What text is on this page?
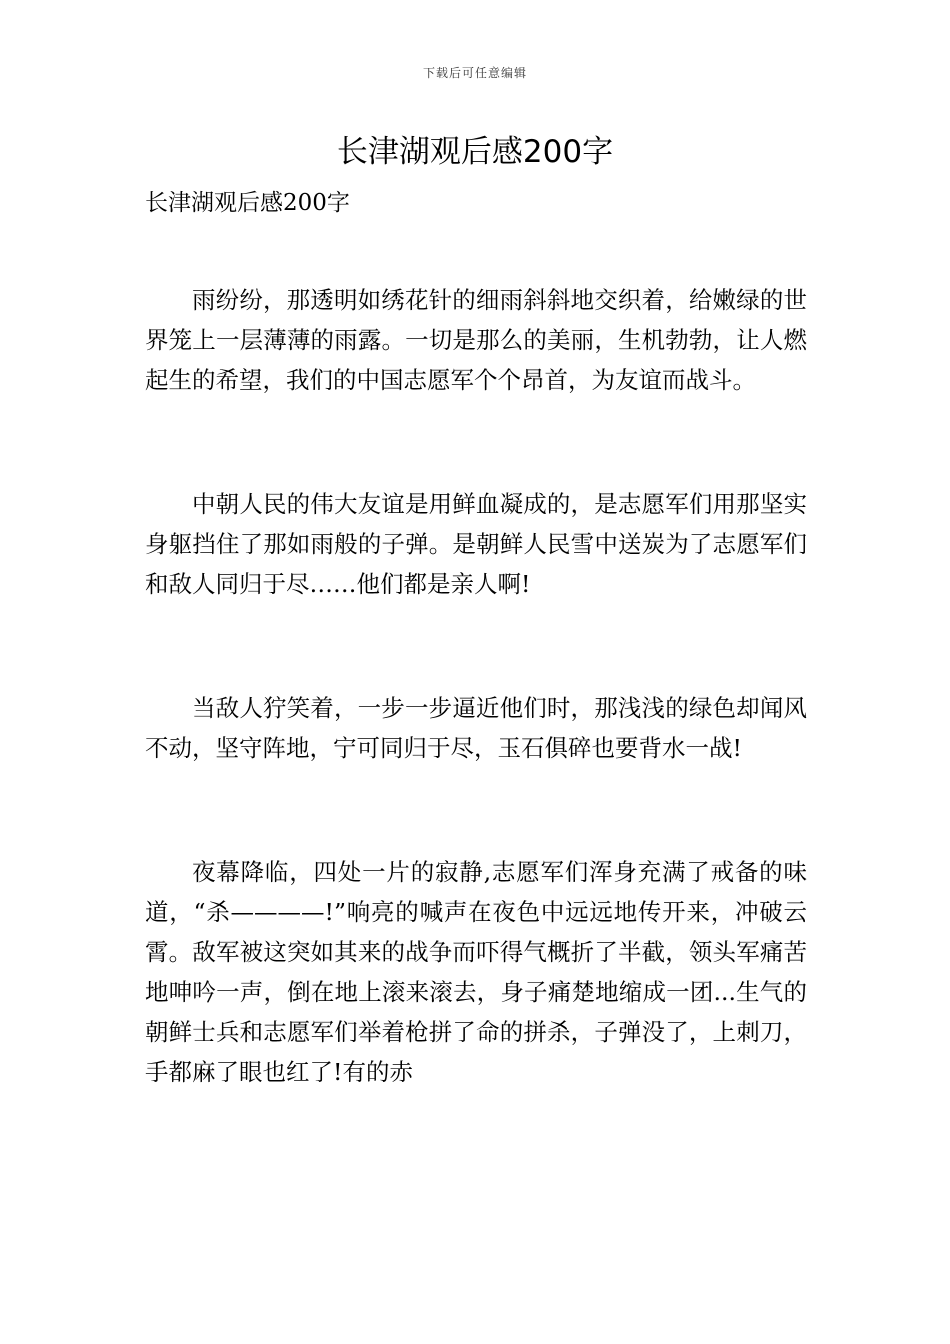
下载后可任意编辑
长津湖观后感200字

长津湖观后感200字

雨纷纷，那透明如绣花针的细雨斜斜地交织着，给嫩绿的世界笼上一层薄薄的雨露。一切是那么的美丽，生机勃勃，让人燃起生的希望，我们的中国志愿军个个昂首，为友谊而战斗。

中朝人民的伟大友谊是用鲜血凝成的，是志愿军们用那坚实身躯挡住了那如雨般的子弹。是朝鲜人民雪中送炭为了志愿军们和敌人同归于尽……他们都是亲人啊!

当敌人狞笑着，一步一步逼近他们时，那浅浅的绿色却闻风不动，坚守阵地，宁可同归于尽，玉石俱碎也要背水一战!

夜幕降临，四处一片的寂静,志愿军们浑身充满了戒备的味道，“杀————!”响亮的喊声在夜色中远远地传开来，冲破云霄。敌军被这突如其来的战争而吓得气概折了半截，领头军痛苦地呻吟一声，倒在地上滚来滚去，身子痛楚地缩成一团...生气的朝鲜士兵和志愿军们举着枪拼了命的拼杀，子弹没了，上刺刀，手都麻了眼也红了!有的赤
